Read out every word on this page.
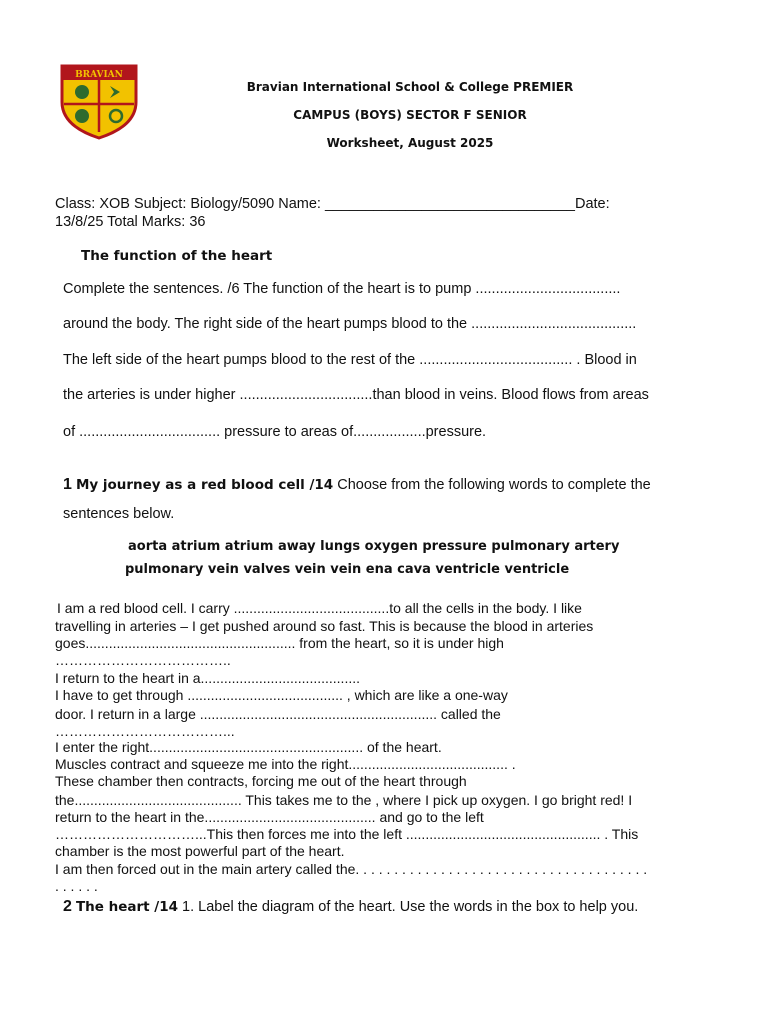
BRAVIAN
Bravian International School & College PREMIER
CAMPUS (BOYS) SECTOR F SENIOR
Worksheet, August 2025
Class: XOB Subject: Biology/5090 Name: _______________________________Date:
13/8/25 Total Marks: 36
The function of the heart
Complete the sentences. /6 The function of the heart is to pump ....................................
around the body. The right side of the heart pumps blood to the .........................................
The left side of the heart pumps blood to the rest of the ...................................... . Blood in
the arteries is under higher .................................than blood in veins. Blood flows from areas
of ................................... pressure to areas of..................pressure.
1 My journey as a red blood cell /14 Choose from the following words to complete the
sentences below.
aorta atrium atrium away lungs oxygen pressure pulmonary artery
pulmonary vein valves vein vein ena cava ventricle ventricle
I am a red blood cell. I carry ........................................to all the cells in the body. I like
travelling in arteries – I get pushed around so fast. This is because the blood in arteries
goes...................................................... from the heart, so it is under high
………………………………..
I return to the heart in a.........................................
I have to get through ........................................ , which are like a one-way
door. I return in a large ............................................................. called the
………………………………...
I enter the right....................................................... of the heart.
Muscles contract and squeeze me into the right......................................... .
These chamber then contracts, forcing me out of the heart through
the........................................... This takes me to the , where I pick up oxygen. I go bright red! I
return to the heart in the............................................ and go to the left
…………………………...This then forces me into the left .................................................. . This
chamber is the most powerful part of the heart.
I am then forced out in the main artery called the. . . . . . . . . . . . . . . . . . . . . . . . . . . . . . . . . . . . . .
. . . . . .
2 The heart /14 1. Label the diagram of the heart. Use the words in the box to help you.
